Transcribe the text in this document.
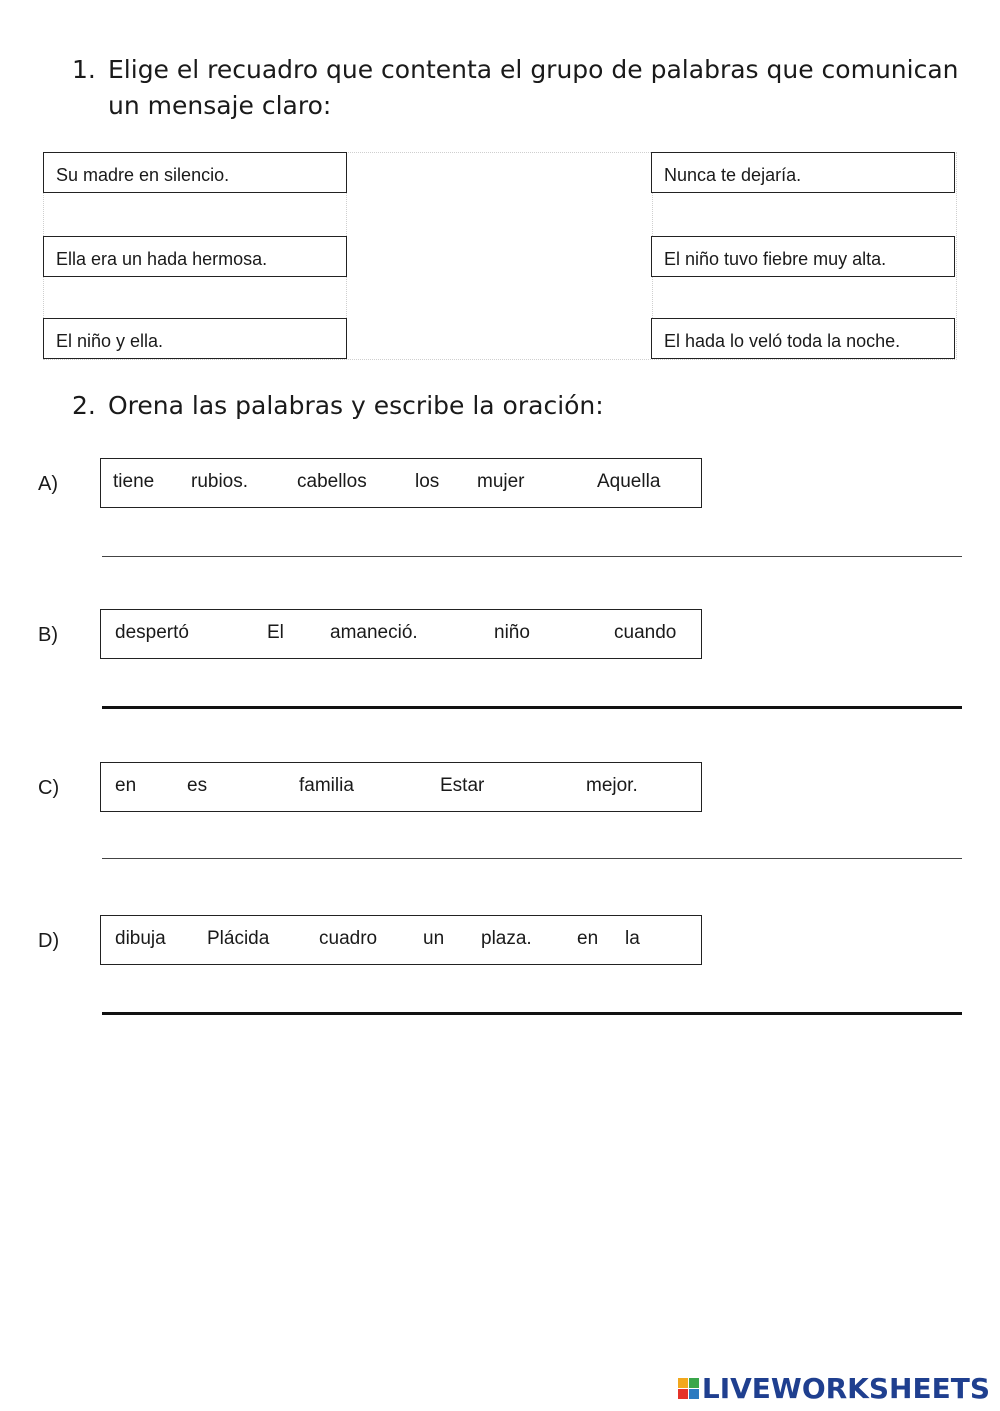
1. Elige el recuadro que contenta el grupo de palabras que comunican un mensaje claro:
Su madre en silencio.
Ella era un hada hermosa.
El niño y ella.
Nunca te dejaría.
El niño tuvo fiebre muy alta.
El hada lo veló toda la noche.
2. Orena las palabras y escribe la oración:
A)	tiene rubios.	cabellos	los mujer	Aquella
B)	despertó	El amaneció.	niño	cuando
C)	en	es	familia	Estar	mejor.
D)	dibuja Plácida	cuadro un plaza. en la
LIVEWORKSHEETS
